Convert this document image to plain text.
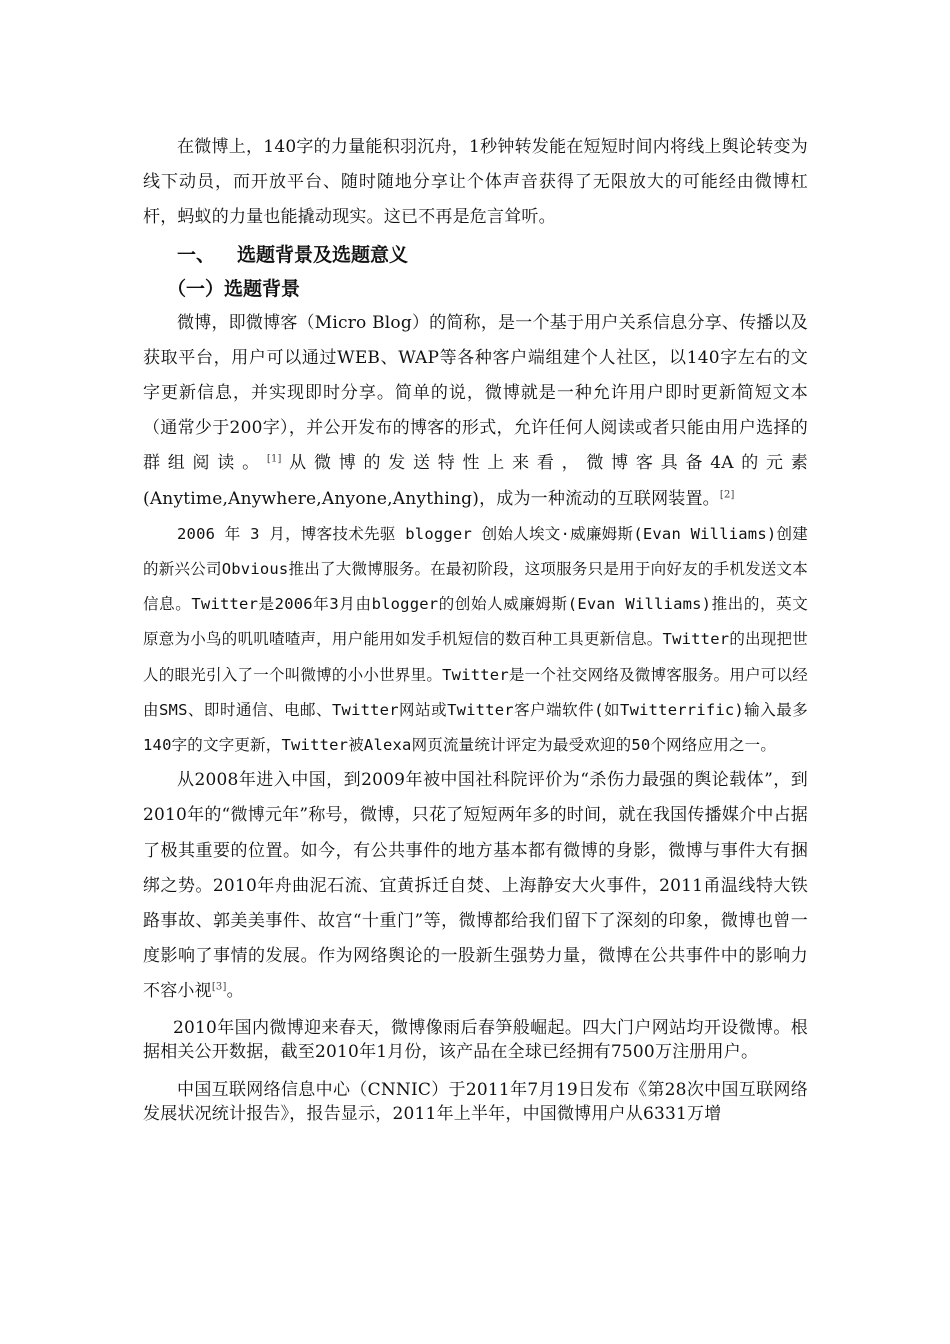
在微博上，140字的力量能积羽沉舟，1秒钟转发能在短短时间内将线上舆论转变为线下动员，而开放平台、随时随地分享让个体声音获得了无限放大的可能经由微博杠杆，蚂蚁的力量也能撬动现实。这已不再是危言耸听。

一、 选题背景及选题意义
（一）选题背景

微博，即微博客（Micro Blog）的简称，是一个基于用户关系信息分享、传播以及获取平台，用户可以通过WEB、WAP等各种客户端组建个人社区，以140字左右的文字更新信息，并实现即时分享。简单的说，微博就是一种允许用户即时更新简短文本（通常少于200字），并公开发布的博客的形式，允许任何人阅读或者只能由用户选择的群组阅读。[1]从微博的发送特性上来看，微博客具备4A的元素(Anytime,Anywhere,Anyone,Anything)，成为一种流动的互联网装置。[2]

2006 年 3 月，博客技术先驱 blogger 创始人埃文·威廉姆斯(Evan Williams)创建的新兴公司Obvious推出了大微博服务。在最初阶段，这项服务只是用于向好友的手机发送文本信息。Twitter是2006年3月由blogger的创始人威廉姆斯(Evan Williams)推出的，英文原意为小鸟的叽叽喳喳声，用户能用如发手机短信的数百种工具更新信息。Twitter的出现把世人的眼光引入了一个叫微博的小小世界里。Twitter是一个社交网络及微博客服务。用户可以经由SMS、即时通信、电邮、Twitter网站或Twitter客户端软件(如Twitterrific)输入最多140字的文字更新，Twitter被Alexa网页流量统计评定为最受欢迎的50个网络应用之一。

从2008年进入中国，到2009年被中国社科院评价为“杀伤力最强的舆论载体”，到2010年的“微博元年”称号，微博，只花了短短两年多的时间，就在我国传播媒介中占据了极其重要的位置。如今，有公共事件的地方基本都有微博的身影，微博与事件大有捆绑之势。2010年舟曲泥石流、宜黄拆迁自焚、上海静安大火事件，2011甬温线特大铁路事故、郭美美事件、故宫“十重门”等，微博都给我们留下了深刻的印象，微博也曾一度影响了事情的发展。作为网络舆论的一股新生强势力量，微博在公共事件中的影响力不容小视[3]。

2010年国内微博迎来春天，微博像雨后春笋般崛起。四大门户网站均开设微博。根据相关公开数据，截至2010年1月份，该产品在全球已经拥有7500万注册用户。

中国互联网络信息中心（CNNIC）于2011年7月19日发布《第28次中国互联网络发展状况统计报告》，报告显示，2011年上半年，中国微博用户从6331万增
